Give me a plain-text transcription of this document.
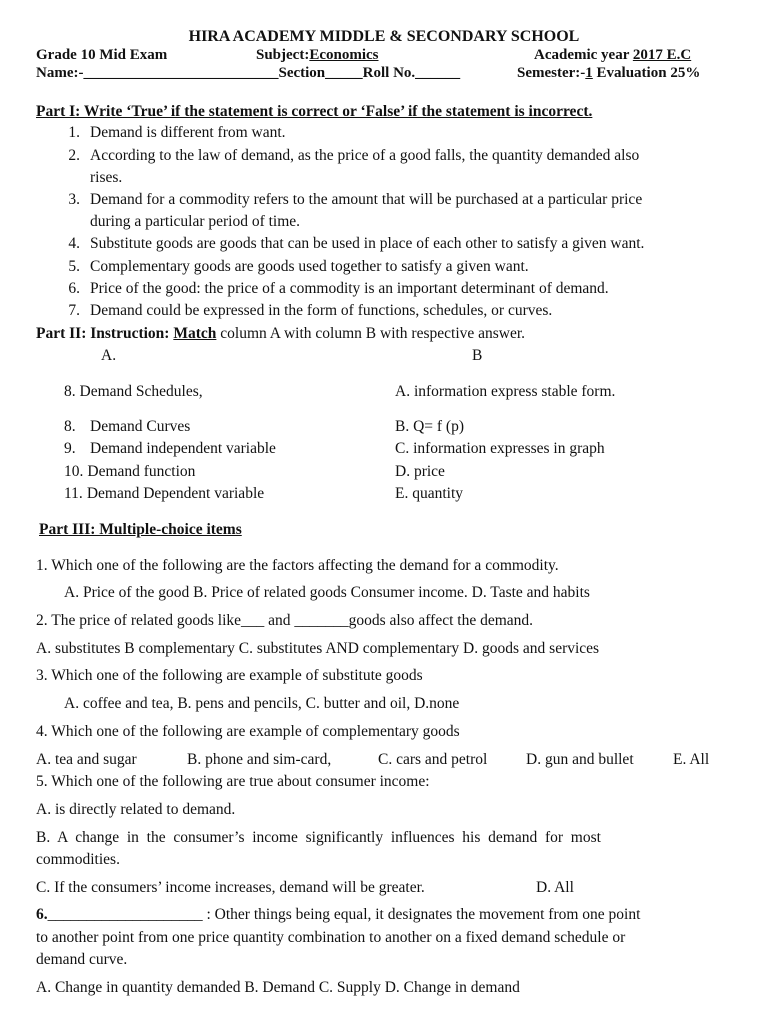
HIRA ACADEMY MIDDLE & SECONDARY SCHOOL
Grade 10 Mid Exam	Subject:Economics	Academic year 2017 E.C
Name:-__________________________Section_____Roll No.______	Semester:-1 Evaluation 25%
Part I: Write ‘True’ if the statement is correct or ‘False’ if the statement is incorrect.
1. Demand is different from want.
2. According to the law of demand, as the price of a good falls, the quantity demanded also
rises.
3. Demand for a commodity refers to the amount that will be purchased at a particular price
during a particular period of time.
4. Substitute goods are goods that can be used in place of each other to satisfy a given want.
5. Complementary goods are goods used together to satisfy a given want.
6. Price of the good: the price of a commodity is an important determinant of demand.
7. Demand could be expressed in the form of functions, schedules, or curves.
Part II: Instruction: Match column A with column B with respective answer.
A.	B
8. Demand Schedules,	A. information express stable form.
8. Demand Curves	B. Q= f (p)
9. Demand independent variable	C. information expresses in graph
10. Demand function	D. price
11. Demand Dependent variable	E. quantity
Part III: Multiple-choice items
1. Which one of the following are the factors affecting the demand for a commodity.
A. Price of the good B. Price of related goods Consumer income. D. Taste and habits
2. The price of related goods like___ and _______goods also affect the demand.
A. substitutes B complementary C. substitutes AND complementary D. goods and services
3. Which one of the following are example of substitute goods
A. coffee and tea, B. pens and pencils, C. butter and oil, D.none
4. Which one of the following are example of complementary goods
A. tea and sugar	B. phone and sim-card,	C. cars and petrol D. gun and bullet	E. All
5. Which one of the following are true about consumer income:
A. is directly related to demand.
B.  A  change  in  the  consumer’s  income  significantly  influences  his  demand  for  most
commodities.
C. If the consumers’ income increases, demand will be greater.	D. All
6.____________________ : Other things being equal, it designates the movement from one point
to another point from one price quantity combination to another on a fixed demand schedule or
demand curve.
A. Change in quantity demanded B. Demand C. Supply D. Change in demand
